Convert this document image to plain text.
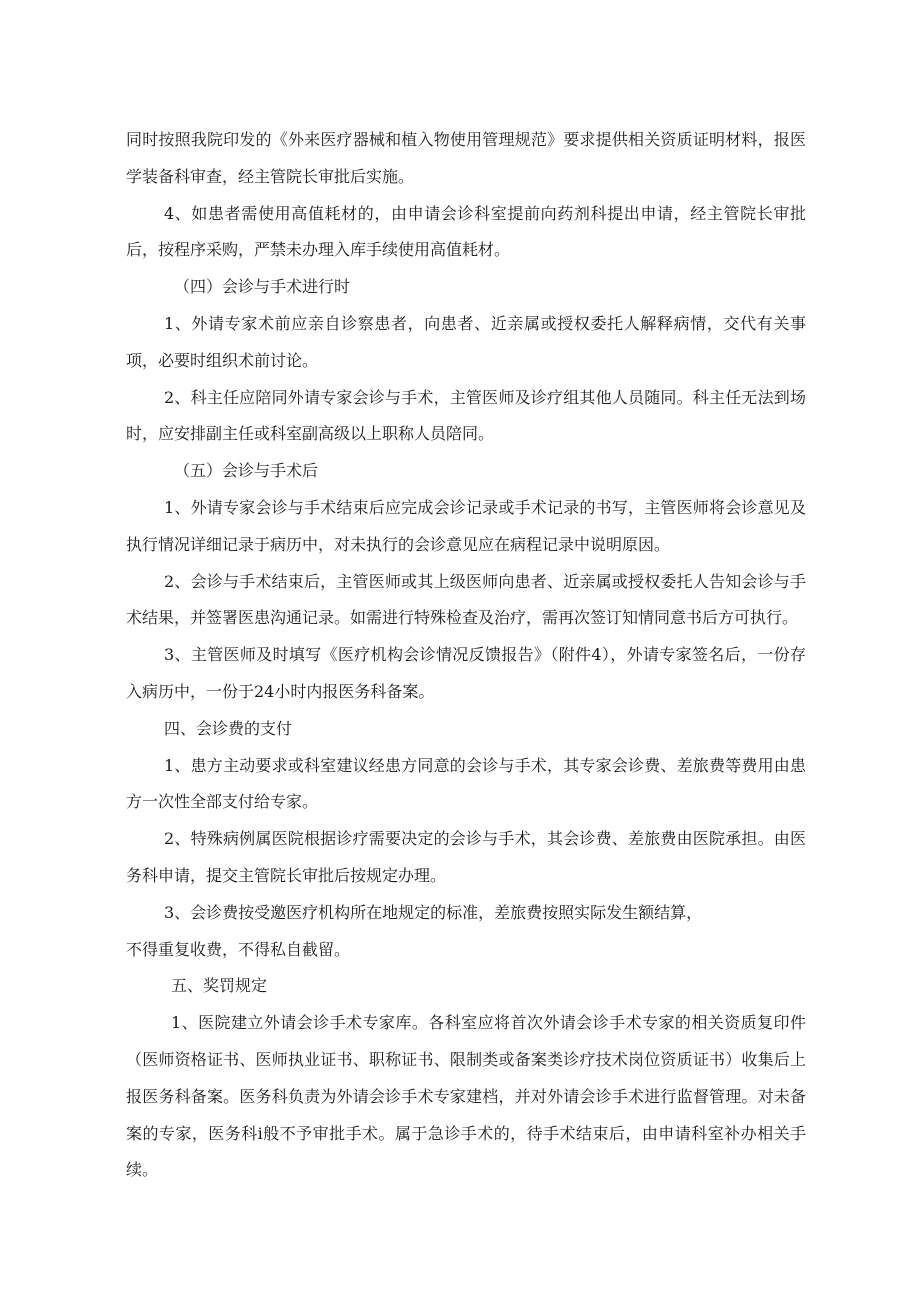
同时按照我院印发的《外来医疗器械和植入物使用管理规范》要求提供相关资质证明材料，报医学装备科审查，经主管院长审批后实施。

4、如患者需使用高值耗材的，由申请会诊科室提前向药剂科提出申请，经主管院长审批后，按程序采购，严禁未办理入库手续使用高值耗材。

（四）会诊与手术进行时

1、外请专家术前应亲自诊察患者，向患者、近亲属或授权委托人解释病情，交代有关事项，必要时组织术前讨论。

2、科主任应陪同外请专家会诊与手术，主管医师及诊疗组其他人员随同。科主任无法到场时，应安排副主任或科室副高级以上职称人员陪同。

（五）会诊与手术后

1、外请专家会诊与手术结束后应完成会诊记录或手术记录的书写，主管医师将会诊意见及执行情况详细记录于病历中，对未执行的会诊意见应在病程记录中说明原因。

2、会诊与手术结束后，主管医师或其上级医师向患者、近亲属或授权委托人告知会诊与手术结果，并签署医患沟通记录。如需进行特殊检查及治疗，需再次签订知情同意书后方可执行。

3、主管医师及时填写《医疗机构会诊情况反馈报告》（附件4），外请专家签名后，一份存入病历中，一份于24小时内报医务科备案。

四、会诊费的支付

1、患方主动要求或科室建议经患方同意的会诊与手术，其专家会诊费、差旅费等费用由患方一次性全部支付给专家。

2、特殊病例属医院根据诊疗需要决定的会诊与手术，其会诊费、差旅费由医院承担。由医务科申请，提交主管院长审批后按规定办理。

3、会诊费按受邀医疗机构所在地规定的标准，差旅费按照实际发生额结算，

不得重复收费，不得私自截留。

五、奖罚规定

1、医院建立外请会诊手术专家库。各科室应将首次外请会诊手术专家的相关资质复印件（医师资格证书、医师执业证书、职称证书、限制类或备案类诊疗技术岗位资质证书）收集后上报医务科备案。医务科负责为外请会诊手术专家建档，并对外请会诊手术进行监督管理。对未备案的专家，医务科i般不予审批手术。属于急诊手术的，待手术结束后，由申请科室补办相关手续。
